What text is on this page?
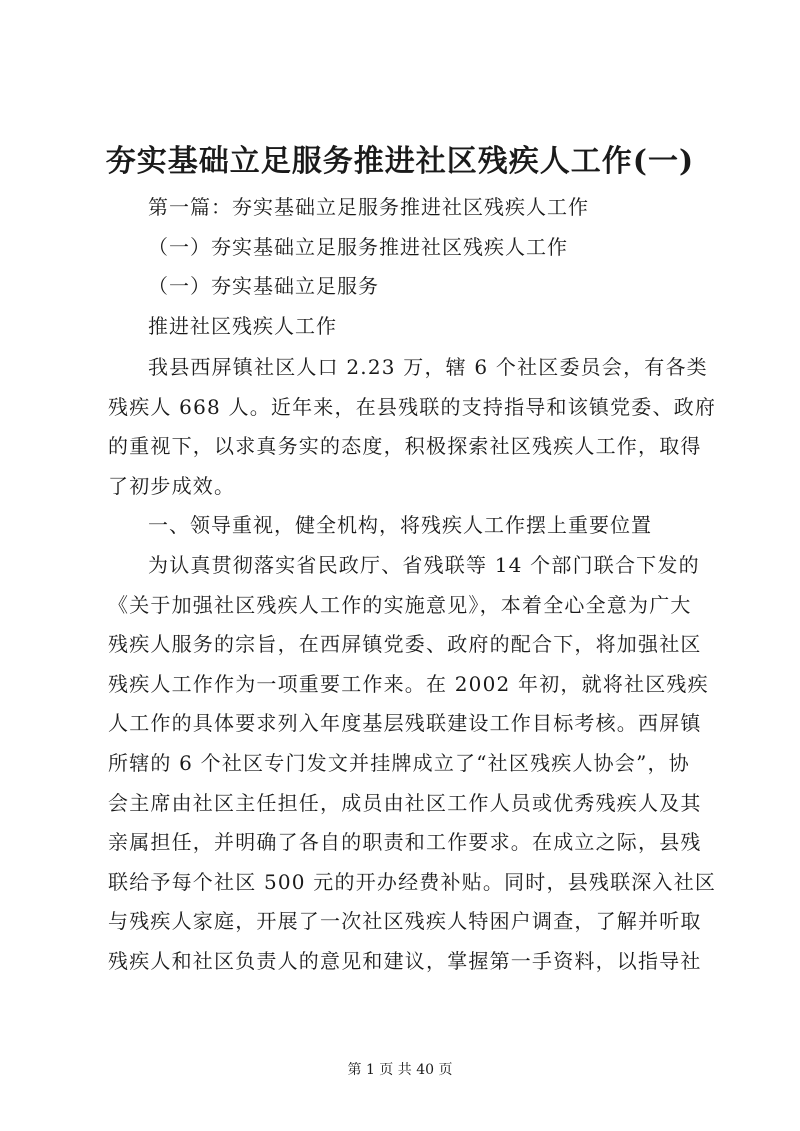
夯实基础立足服务推进社区残疾人工作(一)
第一篇：夯实基础立足服务推进社区残疾人工作
（一）夯实基础立足服务推进社区残疾人工作
（一）夯实基础立足服务
推进社区残疾人工作
我县西屏镇社区人口 2.23 万，辖 6 个社区委员会，有各类
残疾人 668 人。近年来，在县残联的支持指导和该镇党委、政府
的重视下，以求真务实的态度，积极探索社区残疾人工作，取得
了初步成效。
一、领导重视，健全机构，将残疾人工作摆上重要位置
为认真贯彻落实省民政厅、省残联等 14 个部门联合下发的
《关于加强社区残疾人工作的实施意见》，本着全心全意为广大
残疾人服务的宗旨，在西屏镇党委、政府的配合下，将加强社区
残疾人工作作为一项重要工作来。在 2002 年初，就将社区残疾
人工作的具体要求列入年度基层残联建设工作目标考核。西屏镇
所辖的 6 个社区专门发文并挂牌成立了“社区残疾人协会”，协
会主席由社区主任担任，成员由社区工作人员或优秀残疾人及其
亲属担任，并明确了各自的职责和工作要求。在成立之际，县残
联给予每个社区 500 元的开办经费补贴。同时，县残联深入社区
与残疾人家庭，开展了一次社区残疾人特困户调查，了解并听取
残疾人和社区负责人的意见和建议，掌握第一手资料，以指导社
第 1 页 共 40 页
